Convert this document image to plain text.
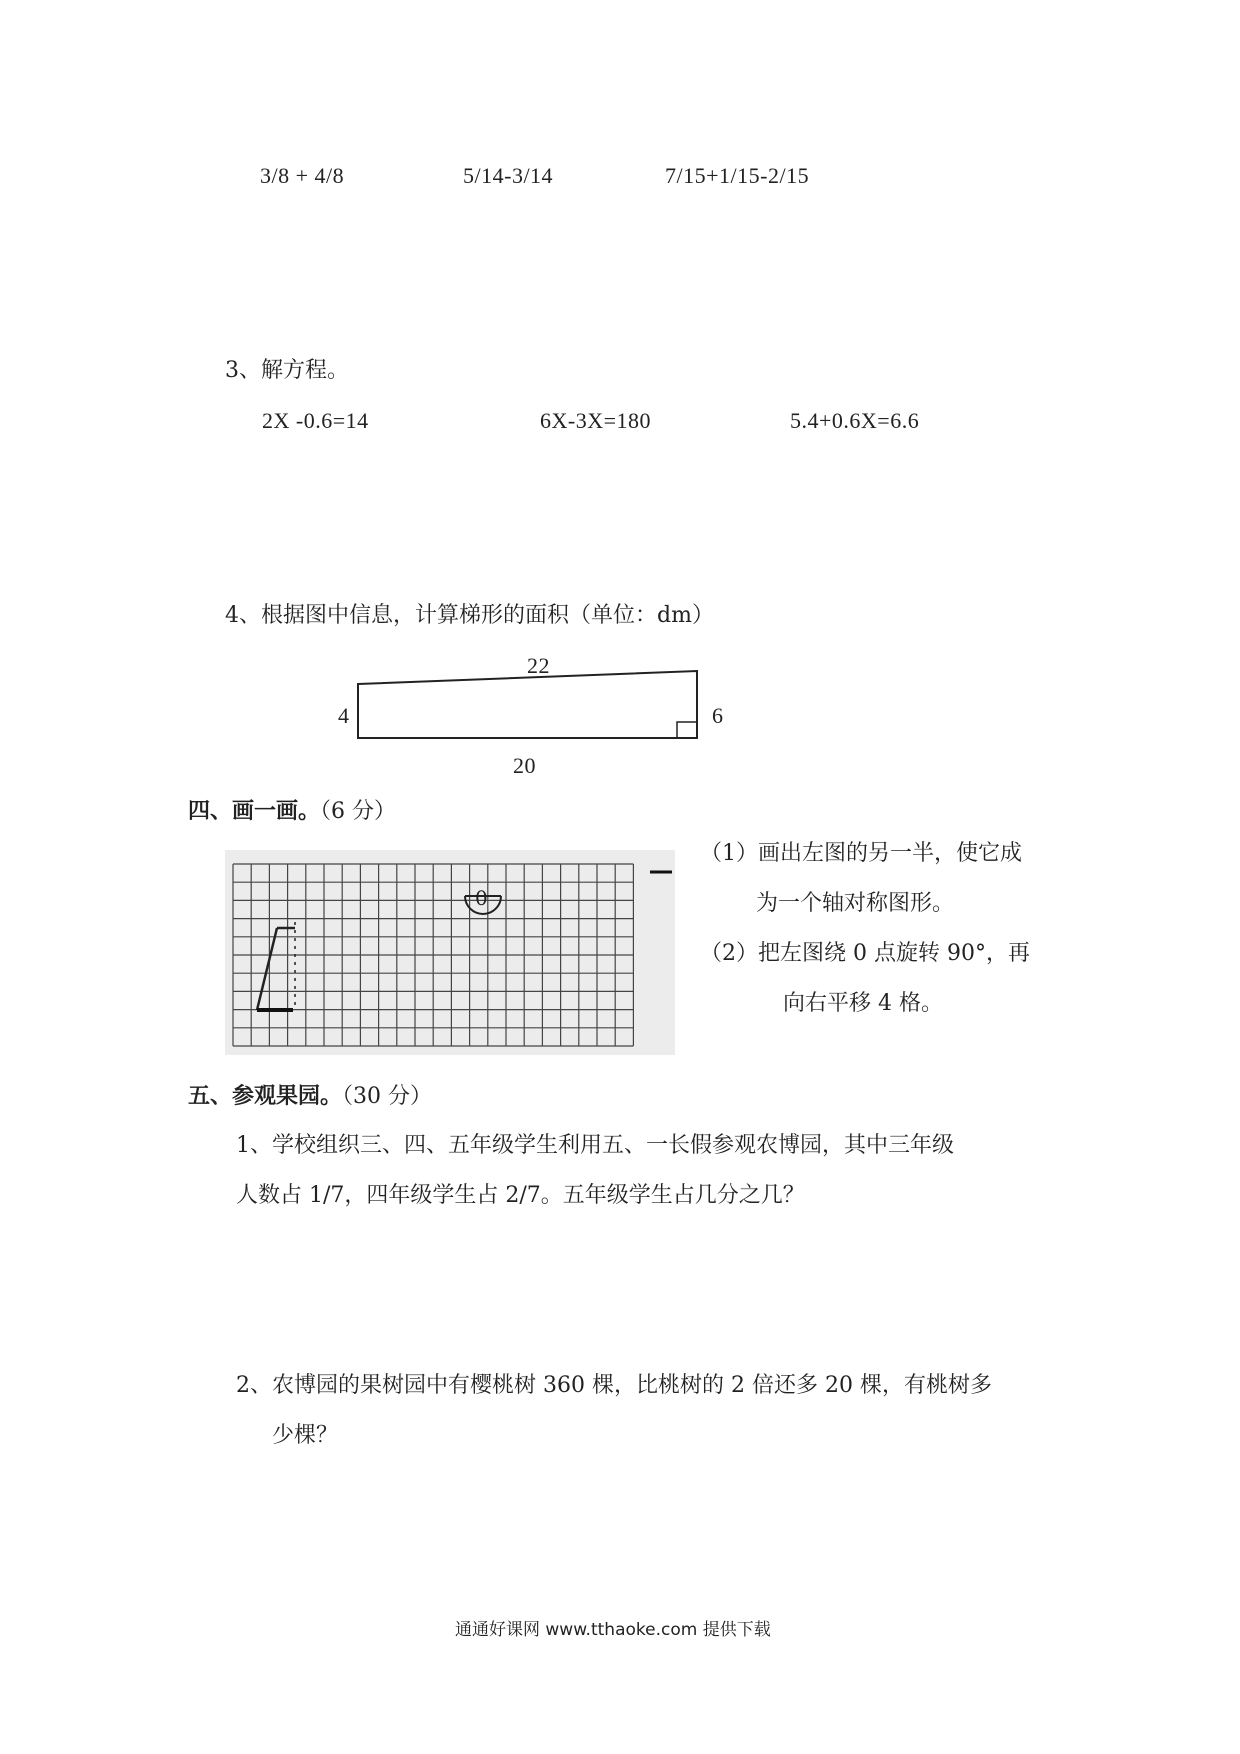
3/8 + 4/8	5/14-3/14	7/15+1/15-2/15
3、解方程。
2X -0.6=14	6X-3X=180	5.4+0.6X=6.6
4、根据图中信息，计算梯形的面积（单位：dm）
22
4	6
20
四、画一画。（6 分）
0
（1）画出左图的另一半，使它成
为一个轴对称图形。
（2）把左图绕 0 点旋转 90°，再
向右平移 4 格。
五、参观果园。（30 分）
1、学校组织三、四、五年级学生利用五、一长假参观农博园，其中三年级
人数占 1/7，四年级学生占 2/7。五年级学生占几分之几？
2、农博园的果树园中有樱桃树 360 棵，比桃树的 2 倍还多 20 棵，有桃树多
少棵？
通通好课网 www.tthaoke.com 提供下载
